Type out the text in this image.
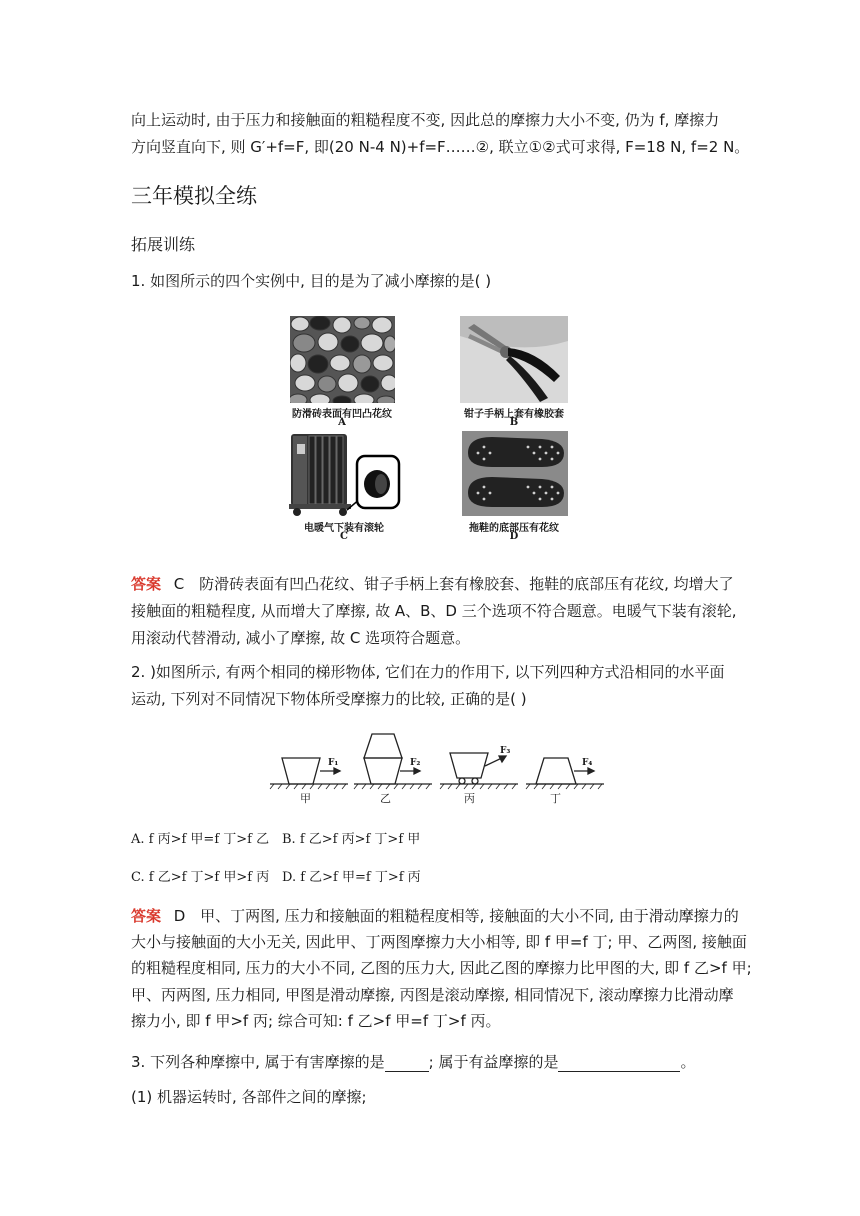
向上运动时, 由于压力和接触面的粗糙程度不变, 因此总的摩擦力大小不变, 仍为 f, 摩擦力
方向竖直向下, 则 G′+f=F, 即(20 N-4 N)+f=F……②, 联立①②式可求得, F=18 N, f=2 N。
三年模拟全练
拓展训练
1. 如图所示的四个实例中, 目的是为了减小摩擦的是( )
防滑砖表面有凹凸花纹
A
钳子手柄上套有橡胶套
B
电暖气下装有滚轮
C
拖鞋的底部压有花纹
D
答案 C 防滑砖表面有凹凸花纹、钳子手柄上套有橡胶套、拖鞋的底部压有花纹, 均增大了
接触面的粗糙程度, 从而增大了摩擦, 故 A、B、D 三个选项不符合题意。电暖气下装有滚轮,
用滚动代替滑动, 减小了摩擦, 故 C 选项符合题意。
2. )如图所示, 有两个相同的梯形物体, 它们在力的作用下, 以下列四种方式沿相同的水平面
运动, 下列对不同情况下物体所受摩擦力的比较, 正确的是( )
F₁	F₂
F₃
F₄
甲	乙	丙	丁
A. f 丙>f 甲=f 丁>f 乙 B. f 乙>f 丙>f 丁>f 甲
C. f 乙>f 丁>f 甲>f 丙 D. f 乙>f 甲=f 丁>f 丙
答案 D 甲、丁两图, 压力和接触面的粗糙程度相等, 接触面的大小不同, 由于滑动摩擦力的
大小与接触面的大小无关, 因此甲、丁两图摩擦力大小相等, 即 f 甲=f 丁; 甲、乙两图, 接触面
的粗糙程度相同, 压力的大小不同, 乙图的压力大, 因此乙图的摩擦力比甲图的大, 即 f 乙>f 甲;
甲、丙两图, 压力相同, 甲图是滑动摩擦, 丙图是滚动摩擦, 相同情况下, 滚动摩擦力比滑动摩
擦力小, 即 f 甲>f 丙; 综合可知: f 乙>f 甲=f 丁>f 丙。
3. 下列各种摩擦中, 属于有害摩擦的是	; 属于有益摩擦的是	。
(1) 机器运转时, 各部件之间的摩擦;
